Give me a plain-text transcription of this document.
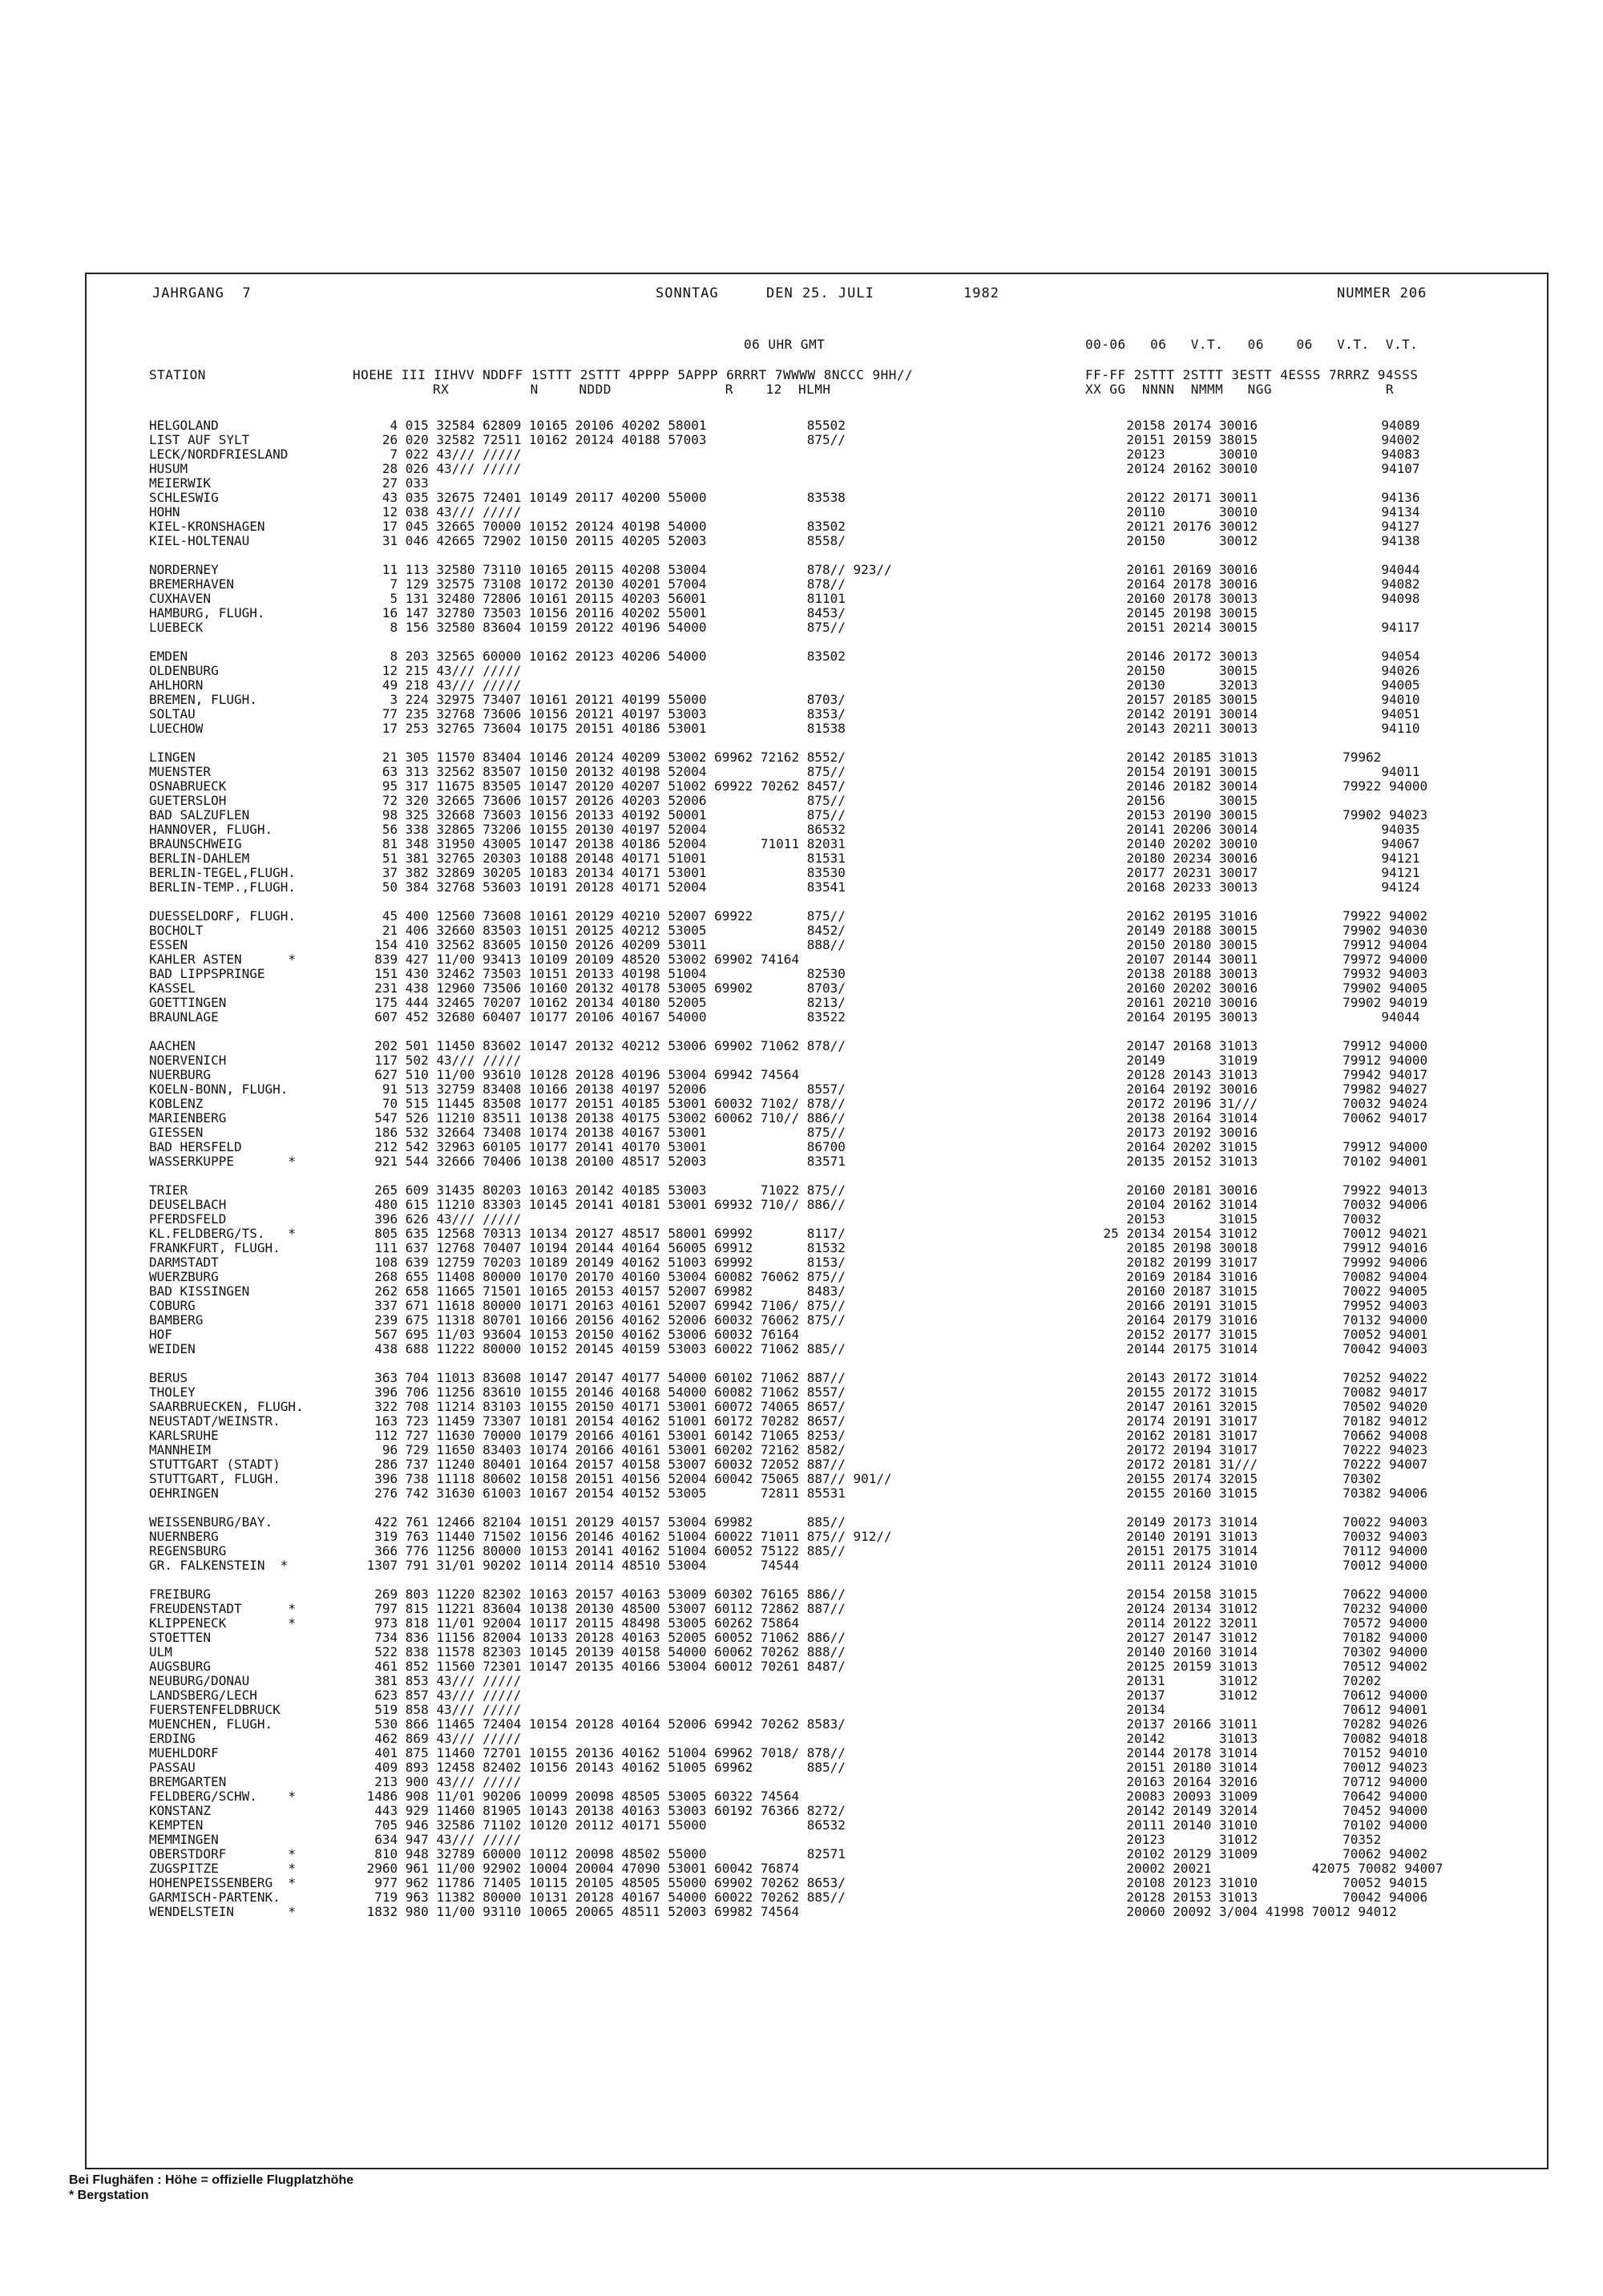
JAHRGANG  7	SONNTAG	DEN 25. JULI	1982	NUMMER 206
06 UHR GMT	00-06   06   V.T.   06    06   V.T.  V.T.
STATION	HOEHE III IIHVV NDDFF 1STTT 2STTT 4PPPP 5APPP 6RRRT 7WWWW 8NCCC 9HH//	FF-FF 2STTT 2STTT 3ESTT 4ESSS 7RRRZ 94SSS
RX          N     NDDD              R    12  HLMH	XX GG  NNNN  NMMM   NGG              R
HELGOLAND	4 015 32584 62809 10165 20106 40202 58001             85502	20158 20174 30016                94089
LIST AUF SYLT	26 020 32582 72511 10162 20124 40188 57003             875//	20151 20159 38015                94002
LECK/NORDFRIESLAND	7 022 43/// /////	20123       30010                94083
HUSUM	28 026 43/// /////	20124 20162 30010                94107
MEIERWIK	27 033
SCHLESWIG	43 035 32675 72401 10149 20117 40200 55000             83538	20122 20171 30011                94136
HOHN	12 038 43/// /////	20110       30010                94134
KIEL-KRONSHAGEN	17 045 32665 70000 10152 20124 40198 54000             83502	20121 20176 30012                94127
KIEL-HOLTENAU	31 046 42665 72902 10150 20115 40205 52003             8558/	20150       30012                94138
NORDERNEY	11 113 32580 73110 10165 20115 40208 53004             878// 923//	20161 20169 30016                94044
BREMERHAVEN	7 129 32575 73108 10172 20130 40201 57004             878//	20164 20178 30016                94082
CUXHAVEN	5 131 32480 72806 10161 20115 40203 56001             81101	20160 20178 30013                94098
HAMBURG, FLUGH.	16 147 32780 73503 10156 20116 40202 55001             8453/	20145 20198 30015
LUEBECK	8 156 32580 83604 10159 20122 40196 54000             875//	20151 20214 30015                94117
EMDEN	8 203 32565 60000 10162 20123 40206 54000             83502	20146 20172 30013                94054
OLDENBURG	12 215 43/// /////	20150       30015                94026
AHLHORN	49 218 43/// /////	20130       32013                94005
BREMEN, FLUGH.	3 224 32975 73407 10161 20121 40199 55000             8703/	20157 20185 30015                94010
SOLTAU	77 235 32768 73606 10156 20121 40197 53003             8353/	20142 20191 30014                94051
LUECHOW	17 253 32765 73604 10175 20151 40186 53001             81538	20143 20211 30013                94110
LINGEN	21 305 11570 83404 10146 20124 40209 53002 69962 72162 8552/	20142 20185 31013           79962
MUENSTER	63 313 32562 83507 10150 20132 40198 52004             875//	20154 20191 30015                94011
OSNABRUECK	95 317 11675 83505 10147 20120 40207 51002 69922 70262 8457/	20146 20182 30014           79922 94000
GUETERSLOH	72 320 32665 73606 10157 20126 40203 52006             875//	20156       30015
BAD SALZUFLEN	98 325 32668 73603 10156 20133 40192 50001             875//	20153 20190 30015           79902 94023
HANNOVER, FLUGH.	56 338 32865 73206 10155 20130 40197 52004             86532	20141 20206 30014                94035
BRAUNSCHWEIG	81 348 31950 43005 10147 20138 40186 52004       71011 82031	20140 20202 30010                94067
BERLIN-DAHLEM	51 381 32765 20303 10188 20148 40171 51001             81531	20180 20234 30016                94121
BERLIN-TEGEL,FLUGH.	37 382 32869 30205 10183 20134 40171 53001             83530	20177 20231 30017                94121
BERLIN-TEMP.,FLUGH.	50 384 32768 53603 10191 20128 40171 52004             83541	20168 20233 30013                94124
DUESSELDORF, FLUGH.	45 400 12560 73608 10161 20129 40210 52007 69922       875//	20162 20195 31016           79922 94002
BOCHOLT	21 406 32660 83503 10151 20125 40212 53005             8452/	20149 20188 30015           79902 94030
ESSEN	154 410 32562 83605 10150 20126 40209 53011             888//	20150 20180 30015           79912 94004
KAHLER ASTEN      *	839 427 11/00 93413 10109 20109 48520 53002 69902 74164	20107 20144 30011           79972 94000
BAD LIPPSPRINGE	151 430 32462 73503 10151 20133 40198 51004             82530	20138 20188 30013           79932 94003
KASSEL	231 438 12960 73506 10160 20132 40178 53005 69902       8703/	20160 20202 30016           79902 94005
GOETTINGEN	175 444 32465 70207 10162 20134 40180 52005             8213/	20161 20210 30016           79902 94019
BRAUNLAGE	607 452 32680 60407 10177 20106 40167 54000             83522	20164 20195 30013                94044
AACHEN	202 501 11450 83602 10147 20132 40212 53006 69902 71062 878//	20147 20168 31013           79912 94000
NOERVENICH	117 502 43/// /////	20149       31019           79912 94000
NUERBURG	627 510 11/00 93610 10128 20128 40196 53004 69942 74564	20128 20143 31013           79942 94017
KOELN-BONN, FLUGH.	91 513 32759 83408 10166 20138 40197 52006             8557/	20164 20192 30016           79982 94027
KOBLENZ	70 515 11445 83508 10177 20151 40185 53001 60032 7102/ 878//	20172 20196 31///           70032 94024
MARIENBERG	547 526 11210 83511 10138 20138 40175 53002 60062 710// 886//	20138 20164 31014           70062 94017
GIESSEN	186 532 32664 73408 10174 20138 40167 53001             875//	20173 20192 30016
BAD HERSFELD	212 542 32963 60105 10177 20141 40170 53001             86700	20164 20202 31015           79912 94000
WASSERKUPPE       *	921 544 32666 70406 10138 20100 48517 52003             83571	20135 20152 31013           70102 94001
TRIER	265 609 31435 80203 10163 20142 40185 53003       71022 875//	20160 20181 30016           79922 94013
DEUSELBACH	480 615 11210 83303 10145 20141 40181 53001 69932 710// 886//	20104 20162 31014           70032 94006
PFERDSFELD	396 626 43/// /////	20153       31015           70032
KL.FELDBERG/TS.   *	805 635 12568 70313 10134 20127 48517 58001 69992       8117/	25 20134 20154 31012           70012 94021
FRANKFURT, FLUGH.	111 637 12768 70407 10194 20144 40164 56005 69912       81532	20185 20198 30018           79912 94016
DARMSTADT	108 639 12759 70203 10189 20149 40162 51003 69992       8153/	20182 20199 31017           79992 94006
WUERZBURG	268 655 11408 80000 10170 20170 40160 53004 60082 76062 875//	20169 20184 31016           70082 94004
BAD KISSINGEN	262 658 11665 71501 10165 20153 40157 52007 69982       8483/	20160 20187 31015           70022 94005
COBURG	337 671 11618 80000 10171 20163 40161 52007 69942 7106/ 875//	20166 20191 31015           79952 94003
BAMBERG	239 675 11318 80701 10166 20156 40162 52006 60032 76062 875//	20164 20179 31016           70132 94000
HOF	567 695 11/03 93604 10153 20150 40162 53006 60032 76164	20152 20177 31015           70052 94001
WEIDEN	438 688 11222 80000 10152 20145 40159 53003 60022 71062 885//	20144 20175 31014           70042 94003
BERUS	363 704 11013 83608 10147 20147 40177 54000 60102 71062 887//	20143 20172 31014           70252 94022
THOLEY	396 706 11256 83610 10155 20146 40168 54000 60082 71062 8557/	20155 20172 31015           70082 94017
SAARBRUECKEN, FLUGH.	322 708 11214 83103 10155 20150 40171 53001 60072 74065 8657/	20147 20161 32015           70502 94020
NEUSTADT/WEINSTR.	163 723 11459 73307 10181 20154 40162 51001 60172 70282 8657/	20174 20191 31017           70182 94012
KARLSRUHE	112 727 11630 70000 10179 20166 40161 53001 60142 71065 8253/	20162 20181 31017           70662 94008
MANNHEIM	96 729 11650 83403 10174 20166 40161 53001 60202 72162 8582/	20172 20194 31017           70222 94023
STUTTGART (STADT)	286 737 11240 80401 10164 20157 40158 53007 60032 72052 887//	20172 20181 31///           70222 94007
STUTTGART, FLUGH.	396 738 11118 80602 10158 20151 40156 52004 60042 75065 887// 901//	20155 20174 32015           70302
OEHRINGEN	276 742 31630 61003 10167 20154 40152 53005       72811 85531	20155 20160 31015           70382 94006
WEISSENBURG/BAY.	422 761 12466 82104 10151 20129 40157 53004 69982       885//	20149 20173 31014           70022 94003
NUERNBERG	319 763 11440 71502 10156 20146 40162 51004 60022 71011 875// 912//	20140 20191 31013           70032 94003
REGENSBURG	366 776 11256 80000 10153 20141 40162 51004 60052 75122 885//	20151 20175 31014           70112 94000
GR. FALKENSTEIN  *	1307 791 31/01 90202 10114 20114 48510 53004       74544	20111 20124 31010           70012 94000
FREIBURG	269 803 11220 82302 10163 20157 40163 53009 60302 76165 886//	20154 20158 31015           70622 94000
FREUDENSTADT      *	797 815 11221 83604 10138 20130 48500 53007 60112 72862 887//	20124 20134 31012           70232 94000
KLIPPENECK        *	973 818 11/01 92004 10117 20115 48498 53005 60262 75864	20114 20122 32011           70572 94000
STOETTEN	734 836 11156 82004 10133 20128 40163 52005 60052 71062 886//	20127 20147 31012           70182 94000
ULM	522 838 11578 82303 10145 20139 40158 54000 60062 70262 888//	20140 20160 31014           70302 94000
AUGSBURG	461 852 11560 72301 10147 20135 40166 53004 60012 70261 8487/	20125 20159 31013           70512 94002
NEUBURG/DONAU	381 853 43/// /////	20131       31012           70202
LANDSBERG/LECH	623 857 43/// /////	20137       31012           70612 94000
FUERSTENFELDBRUCK	519 858 43/// /////	20134                       70612 94001
MUENCHEN, FLUGH.	530 866 11465 72404 10154 20128 40164 52006 69942 70262 8583/	20137 20166 31011           70282 94026
ERDING	462 869 43/// /////	20142       31013           70082 94018
MUEHLDORF	401 875 11460 72701 10155 20136 40162 51004 69962 7018/ 878//	20144 20178 31014           70152 94010
PASSAU	409 893 12458 82402 10156 20143 40162 51005 69962       885//	20151 20180 31014           70012 94023
BREMGARTEN	213 900 43/// /////	20163 20164 32016           70712 94000
FELDBERG/SCHW.    *	1486 908 11/01 90206 10099 20098 48505 53005 60322 74564	20083 20093 31009           70642 94000
KONSTANZ	443 929 11460 81905 10143 20138 40163 53003 60192 76366 8272/	20142 20149 32014           70452 94000
KEMPTEN	705 946 32586 71102 10120 20112 40171 55000             86532	20111 20140 31010           70102 94000
MEMMINGEN	634 947 43/// /////	20123       31012           70352
OBERSTDORF        *	810 948 32789 60000 10112 20098 48502 55000             82571	20102 20129 31009           70062 94002
ZUGSPITZE         *	2960 961 11/00 92902 10004 20004 47090 53001 60042 76874	20002 20021             42075 70082 94007
HOHENPEISSENBERG  *	977 962 11786 71405 10115 20105 48505 55000 69902 70262 8653/	20108 20123 31010           70052 94015
GARMISCH-PARTENK.	719 963 11382 80000 10131 20128 40167 54000 60022 70262 885//	20128 20153 31013           70042 94006
WENDELSTEIN       *	1832 980 11/00 93110 10065 20065 48511 52003 69982 74564	20060 20092 3/004 41998 70012 94012
Bei Flughäfen : Höhe = offizielle Flugplatzhöhe
* Bergstation
